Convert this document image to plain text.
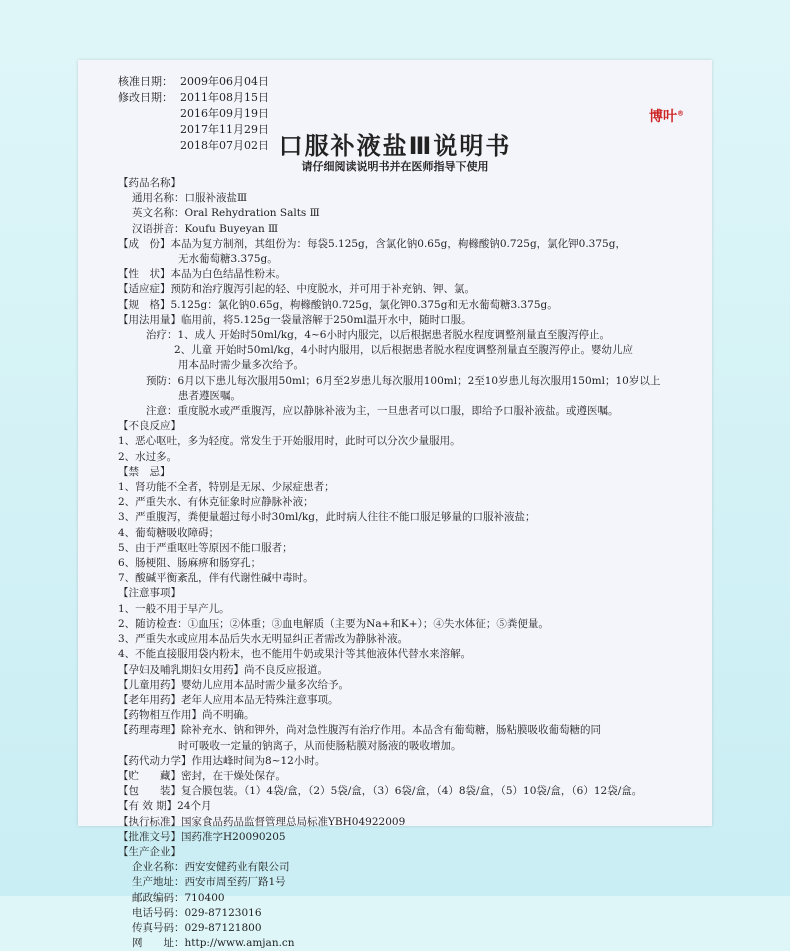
核准日期： 2009年06月04日
修改日期： 2011年08月15日
2016年09月19日
2017年11月29日
2018年07月02日
博叶®
口服补液盐Ⅲ说明书
请仔细阅读说明书并在医师指导下使用
【药品名称】
通用名称：口服补液盐Ⅲ
英文名称：Oral Rehydration Salts Ⅲ
汉语拼音：Koufu Buyeyan Ⅲ
【成　份】本品为复方制剂，其组份为：每袋5.125g，含氯化钠0.65g，枸橼酸钠0.725g，氯化钾0.375g，
无水葡萄糖3.375g。
【性　状】本品为白色结晶性粉末。
【适应症】预防和治疗腹泻引起的轻、中度脱水，并可用于补充钠、钾、氯。
【规　格】5.125g：氯化钠0.65g，枸橼酸钠0.725g，氯化钾0.375g和无水葡萄糖3.375g。
【用法用量】临用前，将5.125g一袋量溶解于250ml温开水中，随时口服。
治疗：1、成人 开始时50ml/kg，4~6小时内服完，以后根据患者脱水程度调整剂量直至腹泻停止。
2、儿童 开始时50ml/kg，4小时内服用，以后根据患者脱水程度调整剂量直至腹泻停止。婴幼儿应
用本品时需少量多次给予。
预防：6月以下患儿每次服用50ml；6月至2岁患儿每次服用100ml；2至10岁患儿每次服用150ml；10岁以上
患者遵医嘱。
注意：重度脱水或严重腹泻，应以静脉补液为主，一旦患者可以口服，即给予口服补液盐。或遵医嘱。
【不良反应】
1、恶心呕吐，多为轻度。常发生于开始服用时，此时可以分次少量服用。
2、水过多。
【禁　忌】
1、肾功能不全者，特别是无尿、少尿症患者；
2、严重失水、有休克征象时应静脉补液；
3、严重腹泻，粪便量超过每小时30ml/kg，此时病人往往不能口服足够量的口服补液盐；
4、葡萄糖吸收障碍；
5、由于严重呕吐等原因不能口服者；
6、肠梗阻、肠麻痹和肠穿孔；
7、酸碱平衡紊乱，伴有代谢性碱中毒时。
【注意事项】
1、一般不用于早产儿。
2、随访检查：①血压；②体重；③血电解质（主要为Na+和K+）；④失水体征；⑤粪便量。
3、严重失水或应用本品后失水无明显纠正者需改为静脉补液。
4、不能直接服用袋内粉末，也不能用牛奶或果汁等其他液体代替水来溶解。
【孕妇及哺乳期妇女用药】尚不良反应报道。
【儿童用药】婴幼儿应用本品时需少量多次给予。
【老年用药】老年人应用本品无特殊注意事项。
【药物相互作用】尚不明确。
【药理毒理】除补充水、钠和钾外，尚对急性腹泻有治疗作用。本品含有葡萄糖，肠粘膜吸收葡萄糖的同
时可吸收一定量的钠离子，从而使肠粘膜对肠液的吸收增加。
【药代动力学】作用达峰时间为8~12小时。
【贮　　藏】密封，在干燥处保存。
【包　　装】复合膜包装。（1）4袋/盒，（2）5袋/盒，（3）6袋/盒，（4）8袋/盒，（5）10袋/盒，（6）12袋/盒。
【有 效 期】24个月
【执行标准】国家食品药品监督管理总局标准YBH04922009
【批准文号】国药准字H20090205
【生产企业】
企业名称：西安安健药业有限公司
生产地址：西安市周至药厂路1号
邮政编码：710400
电话号码：029-87123016
传真号码：029-87121800
网　　址：http://www.amjan.cn
